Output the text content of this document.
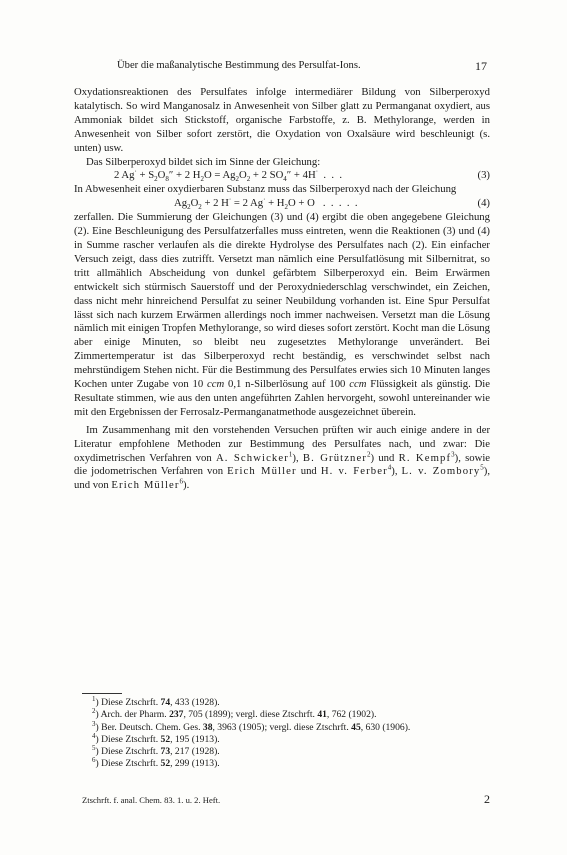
Über die maßanalytische Bestimmung des Persulfat-Ions.	17

Oxydationsreaktionen des Persulfates infolge intermediärer Bildung von Silberperoxyd katalytisch. So wird Manganosalz in Anwesenheit von Silber glatt zu Permanganat oxydiert, aus Ammoniak bildet sich Stickstoff, organische Farbstoffe, z. B. Methylorange, werden in Anwesenheit von Silber sofort zerstört, die Oxydation von Oxalsäure wird beschleunigt (s. unten) usw.

Das Silberperoxyd bildet sich im Sinne der Gleichung:

2 $Ag^\cdot + S_2O_8'' + 2$ $H_2O = Ag_2O_2 + 2$ $SO_4'' + 4H^\cdot$  .  .  .	(3)

In Abwesenheit einer oxydierbaren Substanz muss das Silberperoxyd nach der Gleichung

$Ag_2O_2 + 2$ H· = 2 $Ag^\cdot + H_2O + O$   .  .  .  .  .	(4)

zerfallen. Die Summierung der Gleichungen (3) und (4) ergibt die oben angegebene Gleichung (2). Eine Beschleunigung des Persulfatzerfalles muss eintreten, wenn die Reaktionen (3) und (4) in Summe rascher verlaufen als die direkte Hydrolyse des Persulfates nach (2). Ein einfacher Versuch zeigt, dass dies zutrifft. Versetzt man nämlich eine Persulfatlösung mit Silbernitrat, so tritt allmählich Abscheidung von dunkel gefärbtem Silberperoxyd ein. Beim Erwärmen entwickelt sich stürmisch Sauerstoff und der Peroxydniederschlag verschwindet, ein Zeichen, dass nicht mehr hinreichend Persulfat zu seiner Neubildung vorhanden ist. Eine Spur Persulfat lässt sich nach kurzem Erwärmen allerdings noch immer nachweisen. Versetzt man die Lösung nämlich mit einigen Tropfen Methylorange, so wird dieses sofort zerstört. Kocht man die Lösung aber einige Minuten, so bleibt neu zugesetztes Methylorange unverändert. Bei Zimmertemperatur ist das Silberperoxyd recht beständig, es verschwindet selbst nach mehrstündigem Stehen nicht. Für die Bestimmung des Persulfates erwies sich 10 Minuten langes Kochen unter Zugabe von 10 ccm 0,1 n-Silberlösung auf 100 ccm Flüssigkeit als günstig. Die Resultate stimmen, wie aus den unten angeführten Zahlen hervorgeht, sowohl untereinander wie mit den Ergebnissen der Ferrosalz-Permanganatmethode ausgezeichnet überein.

Im Zusammenhang mit den vorstehenden Versuchen prüften wir auch einige andere in der Literatur empfohlene Methoden zur Bestimmung des Persulfates nach, und zwar: Die oxydimetrischen Verfahren von A. Schwicker$^1$), B. Grützner$^2$) und R. Kempf$^3$), sowie die jodometrischen Verfahren von Erich Müller und H. v. Ferber$^4$), L. v. Zombory$^5$), und von Erich Müller$^6$).

$^1$) Diese Ztschrft. 74, 433 (1928).

$^2$) Arch. der Pharm. 237, 705 (1899); vergl. diese Ztschrft. 41, 762 (1902).

$^3$) Ber. Deutsch. Chem. Ges. 38, 3963 (1905); vergl. diese Ztschrft. 45, 630 (1906).

$^4$) Diese Ztschrft. 52, 195 (1913).

$^5$) Diese Ztschrft. 73, 217 (1928).

$^6$) Diese Ztschrft. 52, 299 (1913).

Ztschrft. f. anal. Chem. 83. 1. u. 2. Heft.	2
